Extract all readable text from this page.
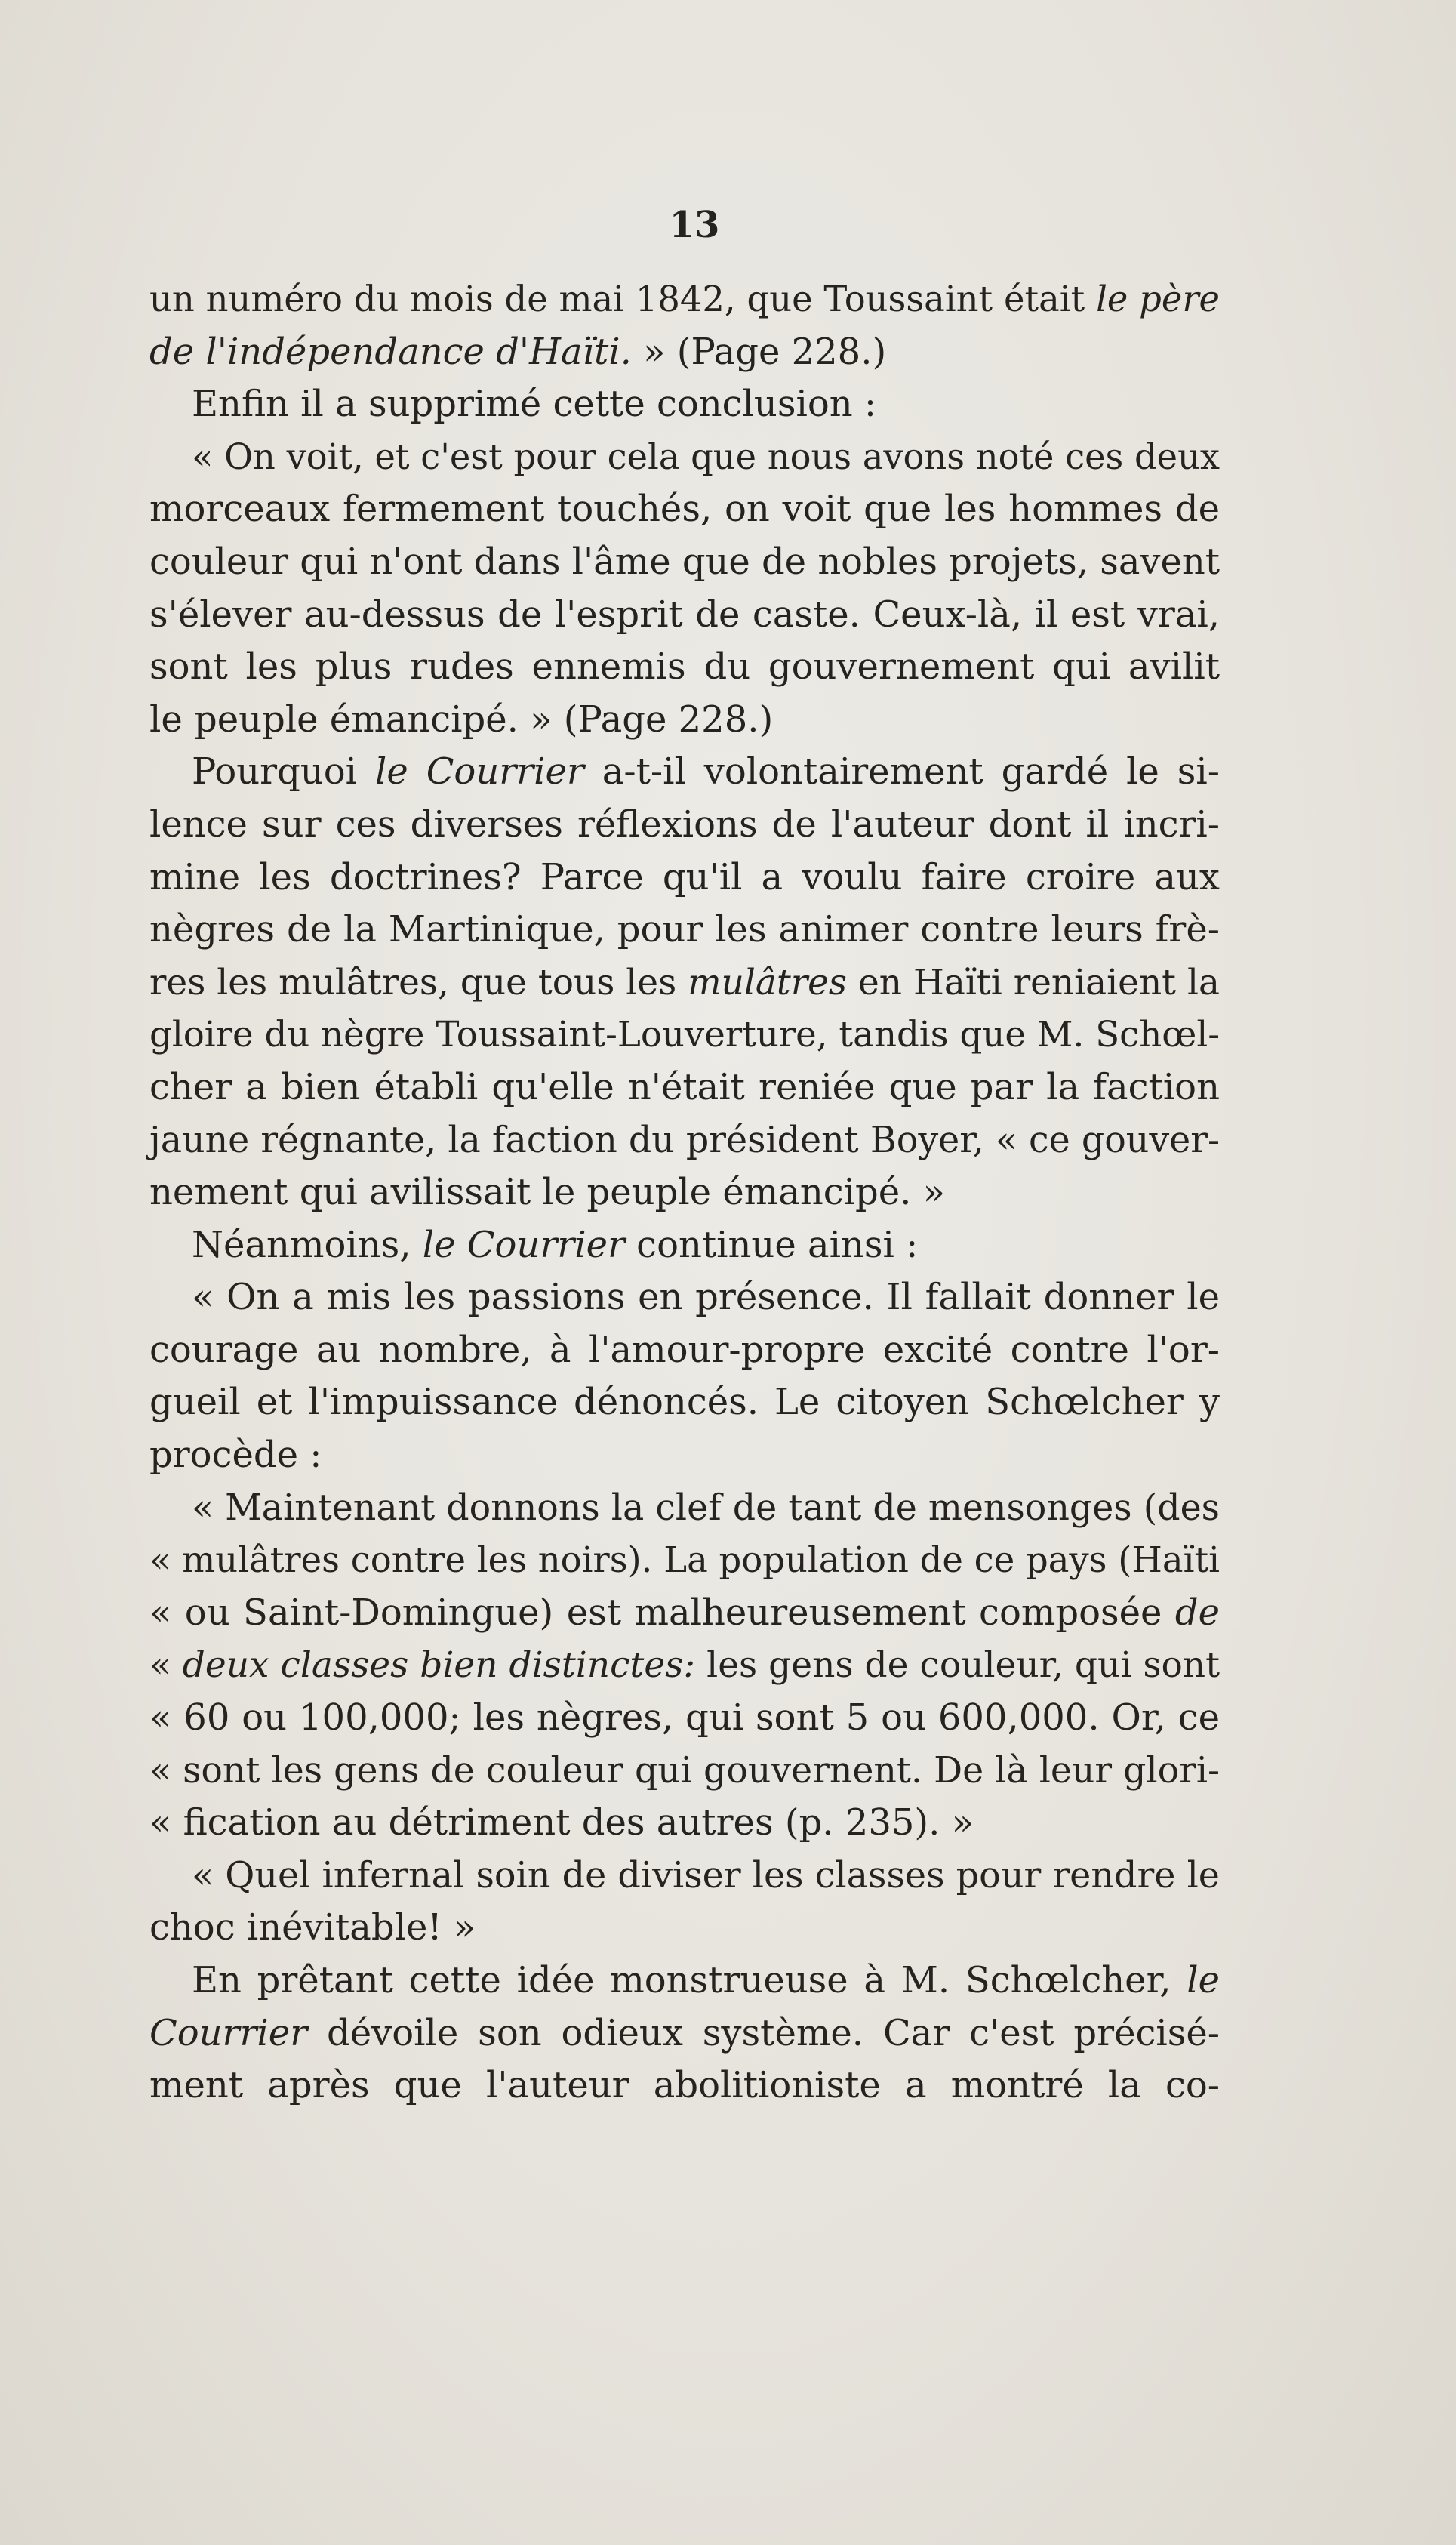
13
un numéro du mois de mai 1842, que Toussaint était le père
de l'indépendance d'Haïti. » (Page 228.)
Enfin il a supprimé cette conclusion :
« On voit, et c'est pour cela que nous avons noté ces deux
morceaux fermement touchés, on voit que les hommes de
couleur qui n'ont dans l'âme que de nobles projets, savent
s'élever au-dessus de l'esprit de caste. Ceux-là, il est vrai,
sont les plus rudes ennemis du gouvernement qui avilit
le peuple émancipé. » (Page 228.)
Pourquoi le Courrier a-t-il volontairement gardé le si-
lence sur ces diverses réflexions de l'auteur dont il incri-
mine les doctrines? Parce qu'il a voulu faire croire aux
nègres de la Martinique, pour les animer contre leurs frè-
res les mulâtres, que tous les mulâtres en Haïti reniaient la
gloire du nègre Toussaint-Louverture, tandis que M. Schœl-
cher a bien établi qu'elle n'était reniée que par la faction
jaune régnante, la faction du président Boyer, « ce gouver-
nement qui avilissait le peuple émancipé. »
Néanmoins, le Courrier continue ainsi :
« On a mis les passions en présence. Il fallait donner le
courage au nombre, à l'amour-propre excité contre l'or-
gueil et l'impuissance dénoncés. Le citoyen Schœlcher y
procède :
« Maintenant donnons la clef de tant de mensonges (des
« mulâtres contre les noirs). La population de ce pays (Haïti
« ou Saint-Domingue) est malheureusement composée de
« deux classes bien distinctes: les gens de couleur, qui sont
« 60 ou 100,000; les nègres, qui sont 5 ou 600,000. Or, ce
« sont les gens de couleur qui gouvernent. De là leur glori-
« fication au détriment des autres (p. 235). »
« Quel infernal soin de diviser les classes pour rendre le
choc inévitable! »
En prêtant cette idée monstrueuse à M. Schœlcher, le
Courrier dévoile son odieux système. Car c'est précisé-
ment après que l'auteur abolitioniste a montré la co-
